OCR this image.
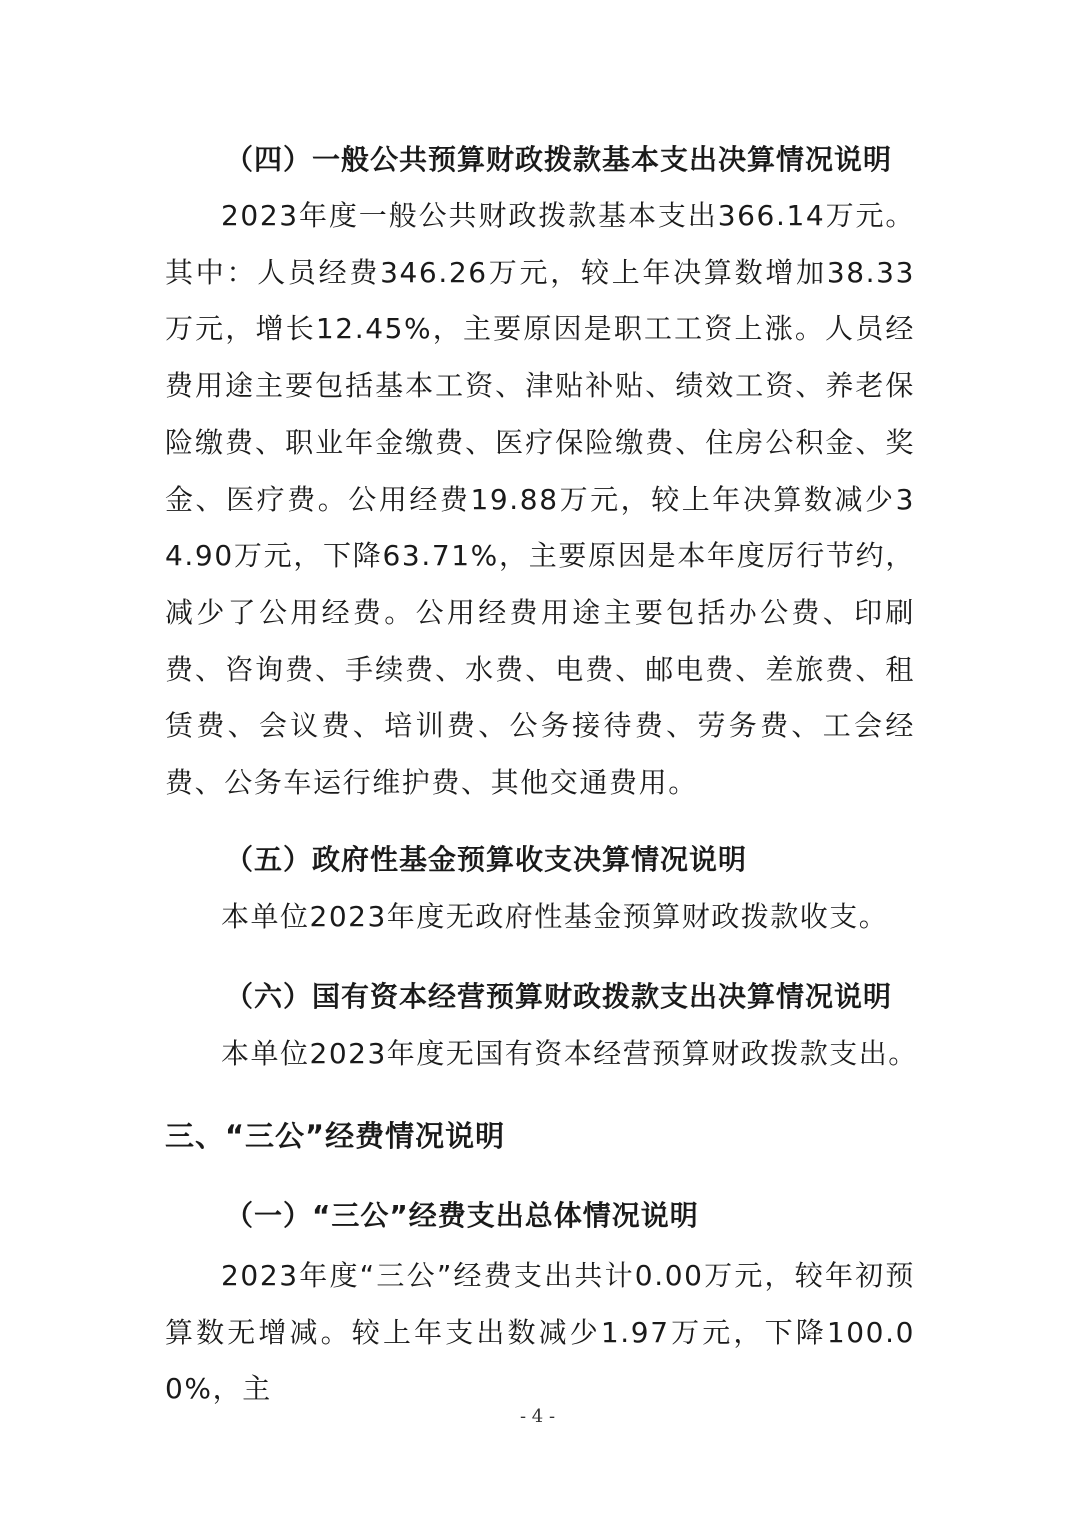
（四）一般公共预算财政拨款基本支出决算情况说明

2023年度一般公共财政拨款基本支出366.14万元。其中：人员经费346.26万元，较上年决算数增加38.33万元，增长12.45%，主要原因是职工工资上涨。人员经费用途主要包括基本工资、津贴补贴、绩效工资、养老保险缴费、职业年金缴费、医疗保险缴费、住房公积金、奖金、医疗费。公用经费19.88万元，较上年决算数减少34.90万元，下降63.71%，主要原因是本年度厉行节约，减少了公用经费。公用经费用途主要包括办公费、印刷费、咨询费、手续费、水费、电费、邮电费、差旅费、租赁费、会议费、培训费、公务接待费、劳务费、工会经费、公务车运行维护费、其他交通费用。

（五）政府性基金预算收支决算情况说明

本单位2023年度无政府性基金预算财政拨款收支。

（六）国有资本经营预算财政拨款支出决算情况说明

本单位2023年度无国有资本经营预算财政拨款支出。

三、“三公”经费情况说明
（一）“三公”经费支出总体情况说明

2023年度“三公”经费支出共计0.00万元，较年初预算数无增减。较上年支出数减少1.97万元，下降100.00%，主

- 4 -
